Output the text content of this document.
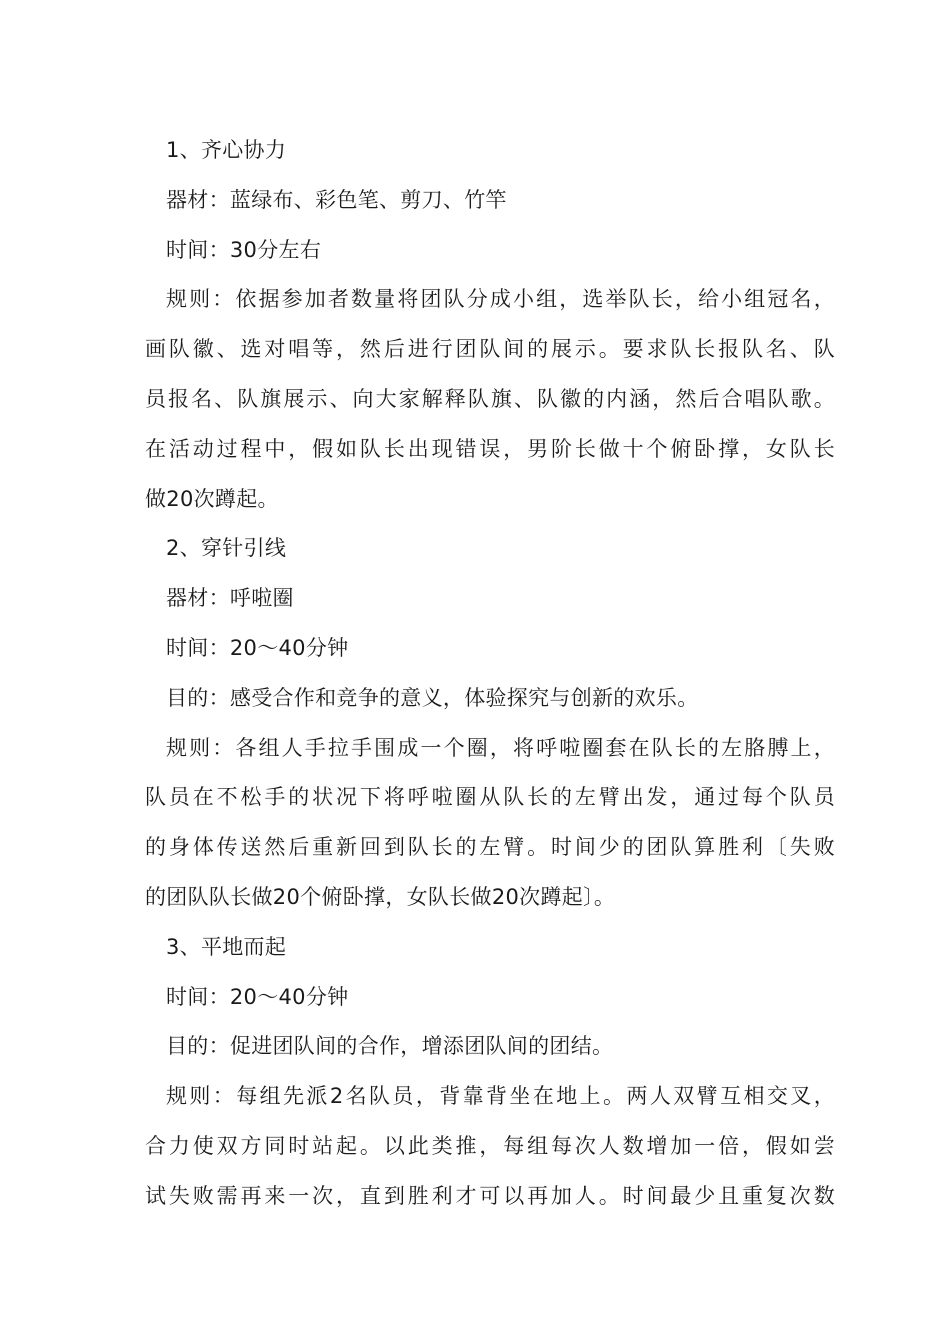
1、齐心协力
器材：蓝绿布、彩色笔、剪刀、竹竿
时间：30分左右
规则：依据参加者数量将团队分成小组，选举队长，给小组冠名，
画队徽、选对唱等，然后进行团队间的展示。要求队长报队名、队
员报名、队旗展示、向大家解释队旗、队徽的内涵，然后合唱队歌。
在活动过程中，假如队长出现错误，男阶长做十个俯卧撑，女队长
做20次蹲起。
2、穿针引线
器材：呼啦圈
时间：20～40分钟
目的：感受合作和竞争的意义，体验探究与创新的欢乐。
规则：各组人手拉手围成一个圈，将呼啦圈套在队长的左胳膊上，
队员在不松手的状况下将呼啦圈从队长的左臂出发，通过每个队员
的身体传送然后重新回到队长的左臂。时间少的团队算胜利〔失败
的团队队长做20个俯卧撑，女队长做20次蹲起〕。
3、平地而起
时间：20～40分钟
目的：促进团队间的合作，增添团队间的团结。
规则：每组先派2名队员，背靠背坐在地上。两人双臂互相交叉，
合力使双方同时站起。以此类推，每组每次人数增加一倍，假如尝
试失败需再来一次，直到胜利才可以再加人。时间最少且重复次数
